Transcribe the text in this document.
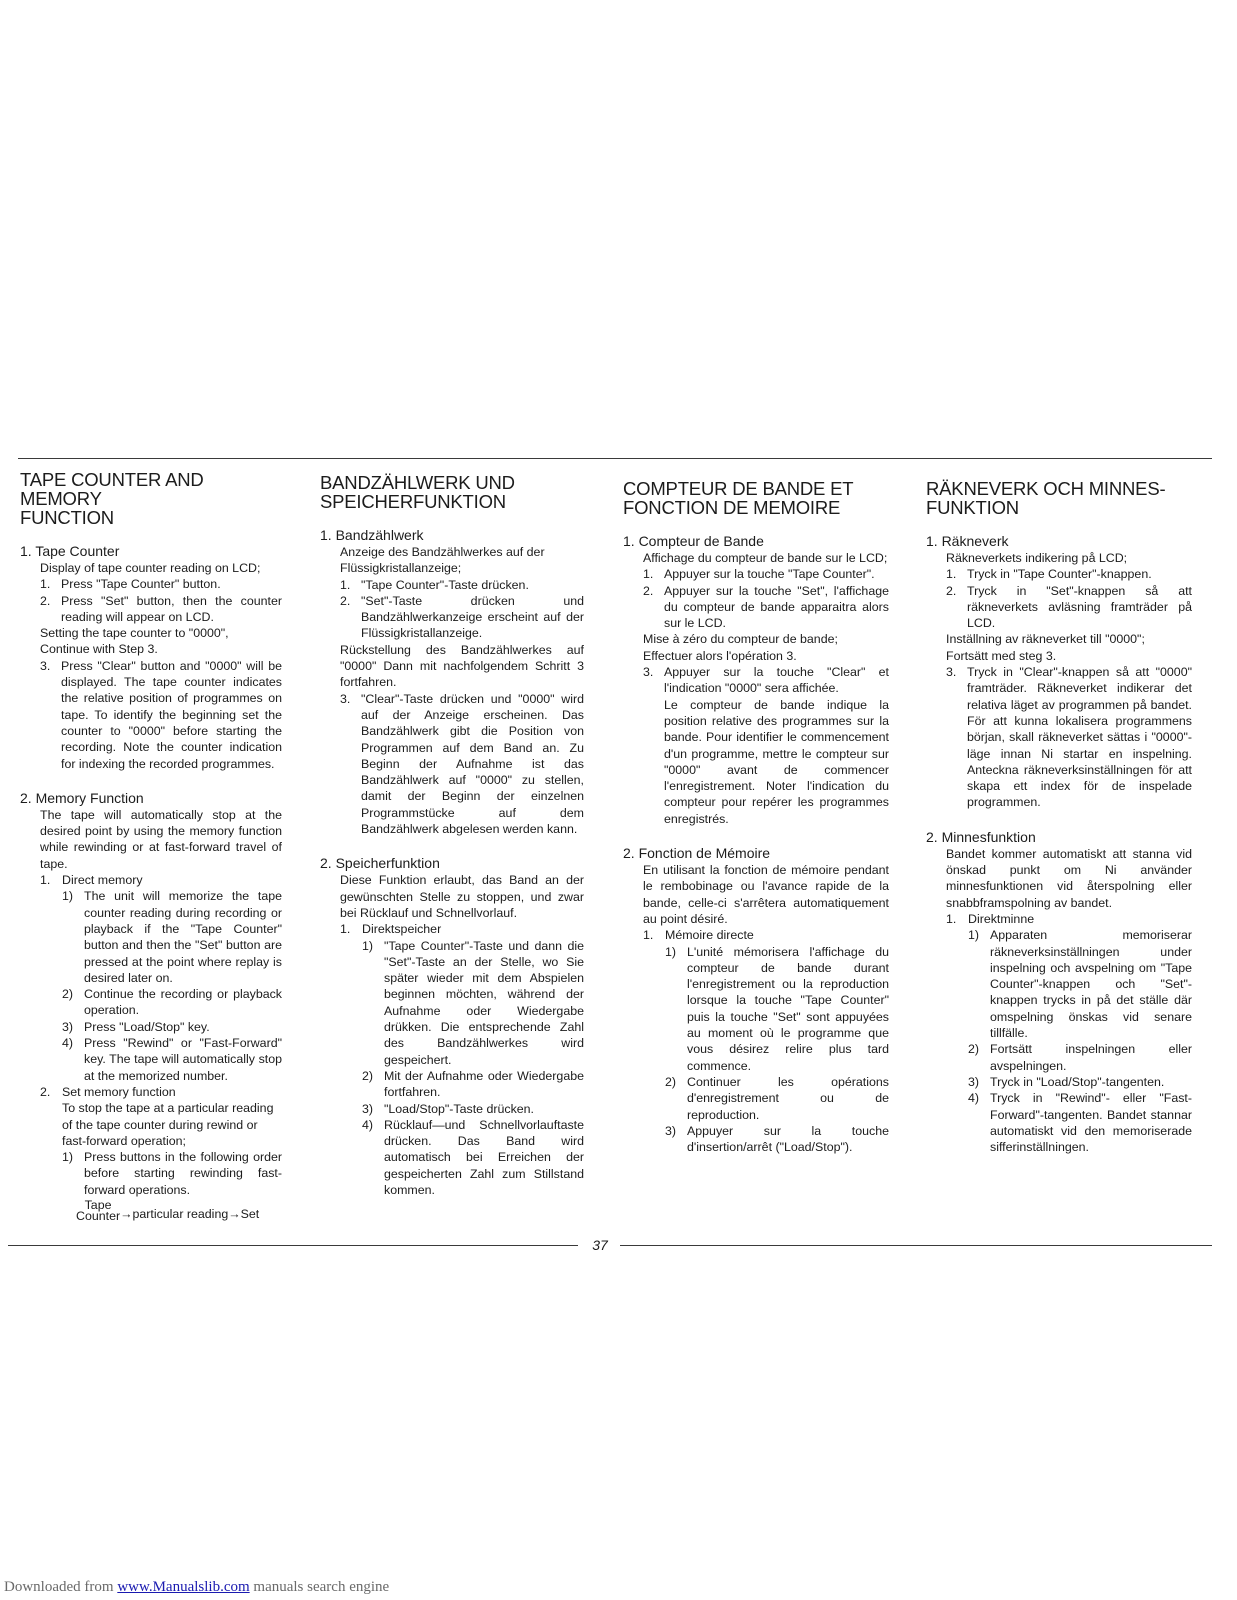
TAPE COUNTER AND MEMORY
FUNCTION
1. Tape Counter

Display of tape counter reading on LCD;

1. Press "Tape Counter" button.
2. Press "Set" button, then the counter reading will appear on LCD.

Setting the tape counter to "0000",

Continue with Step 3.

3. Press "Clear" button and "0000" will be displayed. The tape counter indicates the relative position of programmes on tape. To identify the beginning set the counter to "0000" before starting the recording. Note the counter indication for indexing the recorded programmes.
2. Memory Function

The tape will automatically stop at the desired point by using the memory function while rewinding or at fast-forward travel of tape.

1. Direct memory
1) The unit will memorize the tape counter reading during recording or playback if the "Tape Counter" button and then the "Set" button are pressed at the point where replay is desired later on.
2) Continue the recording or playback operation.
3) Press "Load/Stop" key.
4) Press "Rewind" or "Fast-Forward" key. The tape will automatically stop at the memorized number.
2. Set memory function

To stop the tape at a particular reading of the tape counter during rewind or fast-forward operation;

1) Press buttons in the following order before starting rewinding fast-forward operations.
Tape
Counter →particular reading→Set
BANDZÄHLWERK UND
SPEICHERFUNKTION
1. Bandzählwerk

Anzeige des Bandzählwerkes auf der Flüssigkristallanzeige;

1. "Tape Counter"-Taste drücken.
2. "Set"-Taste drücken und Bandzählwerkanzeige erscheint auf der Flüssigkristallanzeige.

Rückstellung des Bandzählwerkes auf "0000" Dann mit nachfolgendem Schritt 3 fortfahren.

3. "Clear"-Taste drücken und "0000" wird auf der Anzeige erscheinen. Das Bandzählwerk gibt die Position von Programmen auf dem Band an. Zu Beginn der Aufnahme ist das Bandzählwerk auf "0000" zu stellen, damit der Beginn der einzelnen Programmstücke auf dem Bandzählwerk abgelesen werden kann.
2. Speicherfunktion

Diese Funktion erlaubt, das Band an der gewünschten Stelle zu stoppen, und zwar bei Rücklauf und Schnellvorlauf.

1. Direktspeicher
1) "Tape Counter"-Taste und dann die "Set"-Taste an der Stelle, wo Sie später wieder mit dem Abspielen beginnen möchten, während der Aufnahme oder Wiedergabe drükken. Die entsprechende Zahl des Bandzählwerkes wird gespeichert.
2) Mit der Aufnahme oder Wiedergabe fortfahren.
3) "Load/Stop"-Taste drücken.
4) Rücklauf—und Schnellvorlauftaste drücken. Das Band wird automatisch bei Erreichen der gespeicherten Zahl zum Stillstand kommen.
COMPTEUR DE BANDE ET
FONCTION DE MEMOIRE
1. Compteur de Bande

Affichage du compteur de bande sur le LCD;

1. Appuyer sur la touche "Tape Counter".
2. Appuyer sur la touche "Set", l'affichage du compteur de bande apparaitra alors sur le LCD.

Mise à zéro du compteur de bande;

Effectuer alors l'opération 3.

3. Appuyer sur la touche "Clear" et l'indication "0000" sera affichée.
Le compteur de bande indique la position relative des programmes sur la bande. Pour identifier le commencement d'un programme, mettre le compteur sur "0000" avant de commencer l'enregistrement. Noter l'indication du compteur pour repérer les programmes enregistrés.
2. Fonction de Mémoire

En utilisant la fonction de mémoire pendant le rembobinage ou l'avance rapide de la bande, celle-ci s'arrêtera automatiquement au point désiré.

1. Mémoire directe
1) L'unité mémorisera l'affichage du compteur de bande durant l'enregistrement ou la reproduction lorsque la touche "Tape Counter" puis la touche "Set" sont appuyées au moment où le programme que vous désirez relire plus tard commence.
2) Continuer les opérations d'enregistrement ou de reproduction.
3) Appuyer sur la touche d'insertion/arrêt ("Load/Stop").
RÄKNEVERK OCH MINNES-
FUNKTION
1. Räkneverk

Räkneverkets indikering på LCD;

1. Tryck in "Tape Counter"-knappen.
2. Tryck in "Set"-knappen så att räkneverkets avläsning framträder på LCD.

Inställning av räkneverket till "0000";

Fortsätt med steg 3.

3. Tryck in "Clear"-knappen så att "0000" framträder. Räkneverket indikerar det relativa läget av programmen på bandet. För att kunna lokalisera programmens början, skall räkneverket sättas i "0000"-läge innan Ni startar en inspelning. Anteckna räkneverksinställningen för att skapa ett index för de inspelade programmen.
2. Minnesfunktion

Bandet kommer automatiskt att stanna vid önskad punkt om Ni använder minnesfunktionen vid återspolning eller snabbframspolning av bandet.

1. Direktminne
1) Apparaten memoriserar räkneverksinställningen under inspelning och avspelning om "Tape Counter"-knappen och "Set"-knappen trycks in på det ställe där omspelning önskas vid senare tillfälle.
2) Fortsätt inspelningen eller avspelningen.
3) Tryck in "Load/Stop"-tangenten.
4) Tryck in "Rewind"- eller "Fast-Forward"-tangenten. Bandet stannar automatiskt vid den memoriserade sifferinställningen.
37
Downloaded from www.Manualslib.com manuals search engine
